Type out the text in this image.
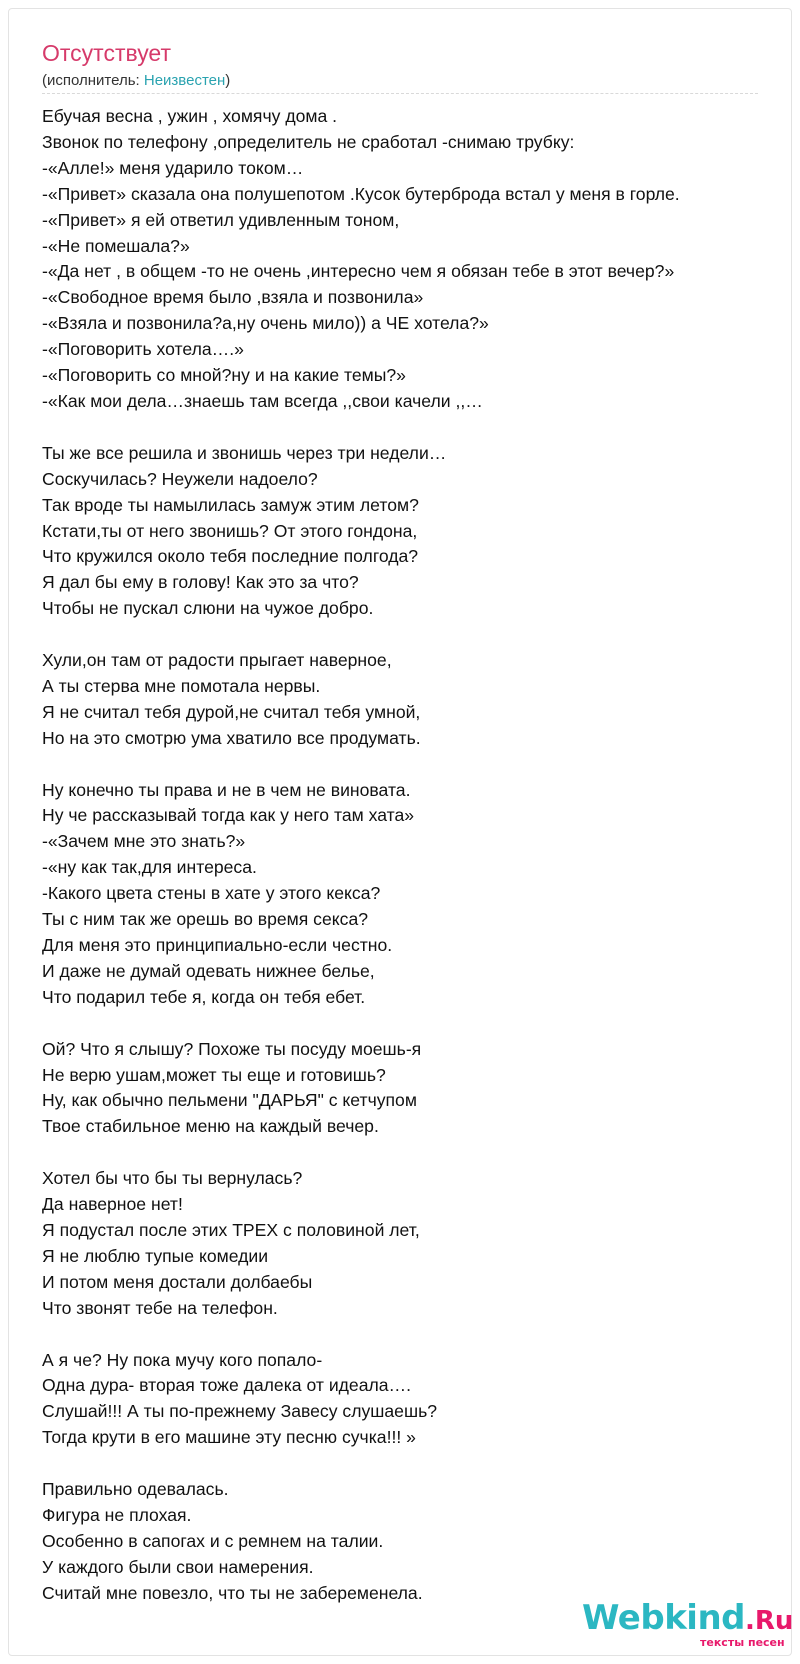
Отсутствует
(исполнитель: Неизвестен)
Ебучая весна , ужин , хомячу дома .
Звонок по телефону ,определитель не сработал -снимаю трубку:
-«Алле!» меня ударило током…
-«Привет» сказала она полушепотом .Кусок бутерброда встал у меня в горле.
-«Привет» я ей ответил удивленным тоном,
-«Не помешала?»
-«Да нет , в общем -то не очень ,интересно чем я обязан тебе в этот вечер?»
-«Свободное время было ,взяла и позвонила»
-«Взяла и позвонила?а,ну очень мило)) а ЧЕ хотела?»
-«Поговорить хотела….»
-«Поговорить со мной?ну и на какие темы?»
-«Как мои дела…знаешь там всегда ,,свои качели ,,…

Ты же все решила и звонишь через три недели…
Соскучилась? Неужели надоело?
Так вроде ты намылилась замуж этим летом?
Кстати,ты от него звонишь? От этого гондона,
Что кружился около тебя последние полгода?
Я дал бы ему в голову! Как это за что?
Чтобы не пускал слюни на чужое добро.

Хули,он там от радости прыгает наверное,
А ты стерва мне помотала нервы.
Я не считал тебя дурой,не считал тебя умной,
Но на это смотрю ума хватило все продумать.

Ну конечно ты права и не в чем не виновата.
Ну че рассказывай тогда как у него там хата»
-«Зачем мне это знать?»
-«ну как так,для интереса.
-Какого цвета стены в хате у этого кекса?
Ты с ним так же орешь во время секса?
Для меня это принципиально-если честно.
И даже не думай одевать нижнее белье,
Что подарил тебе я, когда он тебя ебет.

Ой? Что я слышу? Похоже ты посуду моешь-я
Не верю ушам,может ты еще и готовишь?
Ну, как обычно пельмени "ДАРЬЯ" с кетчупом
Твое стабильное меню на каждый вечер.

Хотел бы что бы ты вернулась?
Да наверное нет!
Я подустал после этих ТРЕХ с половиной лет,
Я не люблю тупые комедии
И потом меня достали долбаебы
Что звонят тебе на телефон.

А я че? Ну пока мучу кого попало-
Одна дура- вторая тоже далека от идеала….
Слушай!!! А ты по-прежнему Завесу слушаешь?
Тогда крути в его машине эту песню сучка!!! »

Правильно одевалась.
Фигура не плохая.
Особенно в сапогах и с ремнем на талии.
У каждого были свои намерения.
Считай мне повезло, что ты не забеременела.
Webkind.Ru
тексты песен
